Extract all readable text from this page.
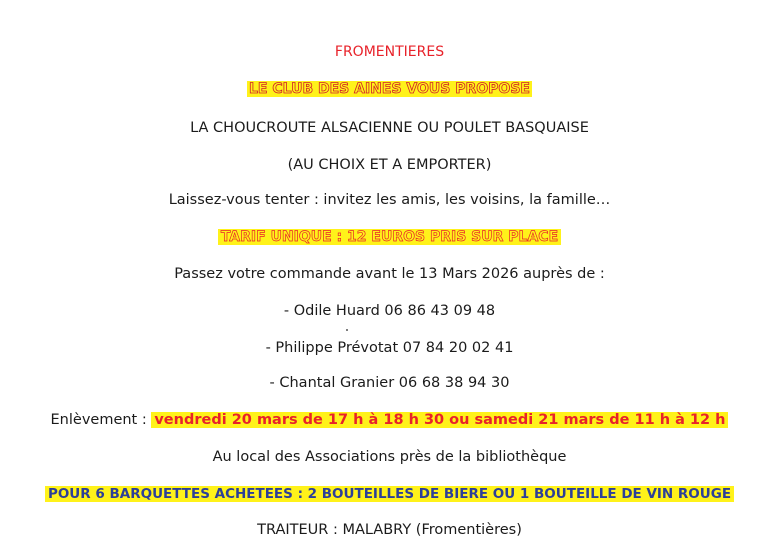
FROMENTIERES
LE CLUB DES AINES VOUS PROPOSE
LA CHOUCROUTE ALSACIENNE OU POULET BASQUAISE
(AU CHOIX ET A EMPORTER)
Laissez-vous tenter : invitez les amis, les voisins, la famille…
TARIF UNIQUE : 12 EUROS PRIS SUR PLACE
Passez votre commande avant le 13 Mars 2026 auprès de :
- Odile Huard 06 86 43 09 48
- Philippe Prévotat 07 84 20 02 41
- Chantal Granier 06 68 38 94 30
Enlèvement : vendredi 20 mars de 17 h à 18 h 30 ou samedi 21 mars de 11 h à 12 h
Au local des Associations près de la bibliothèque
POUR 6 BARQUETTES ACHETEES : 2 BOUTEILLES DE BIERE OU 1 BOUTEILLE DE VIN ROUGE
TRAITEUR : MALABRY (Fromentières)
